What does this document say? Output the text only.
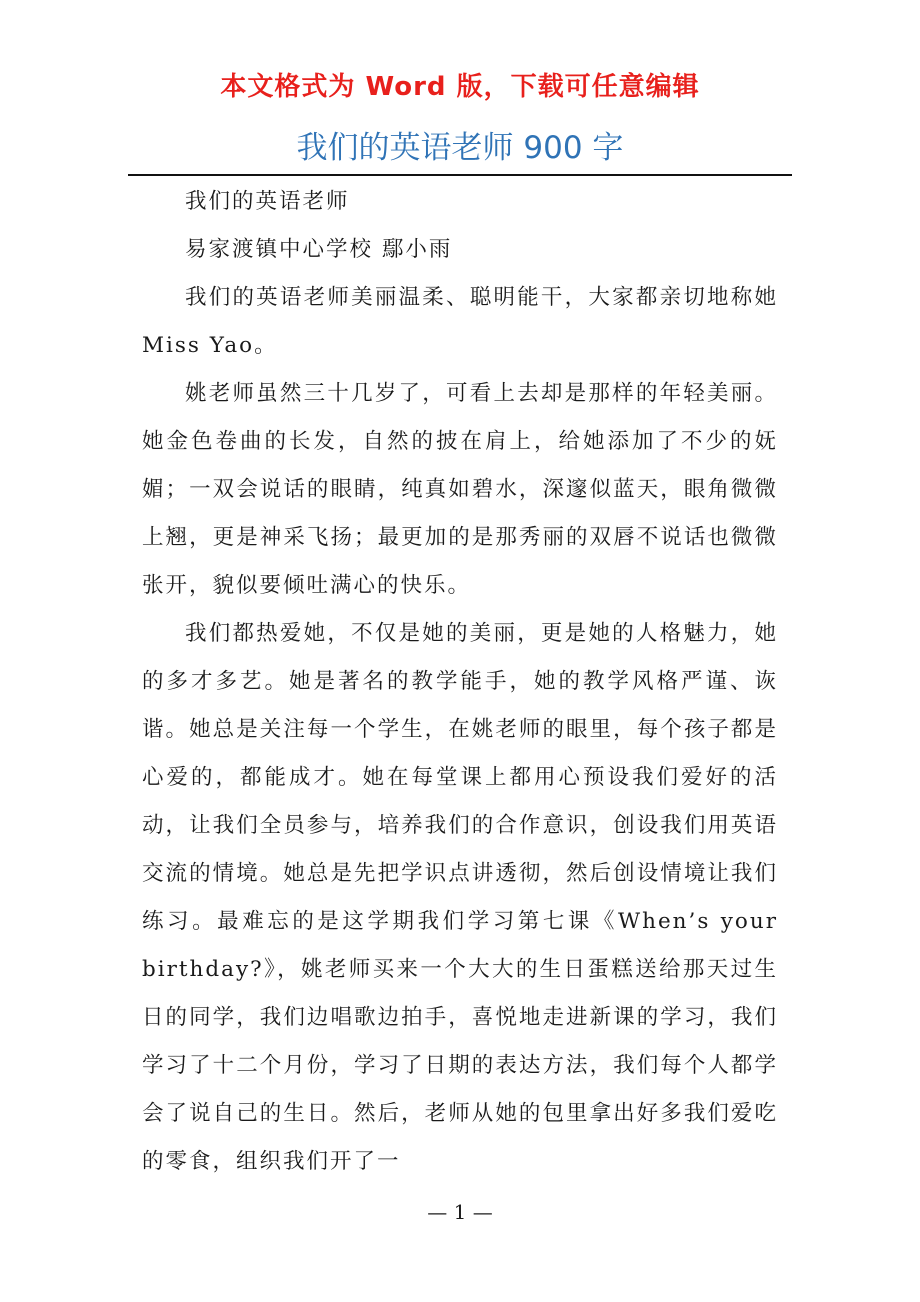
本文格式为 Word 版，下载可任意编辑
我们的英语老师 900 字

我们的英语老师

易家渡镇中心学校 鄢小雨

我们的英语老师美丽温柔、聪明能干，大家都亲切地称她 Miss Yao。

姚老师虽然三十几岁了，可看上去却是那样的年轻美丽。她金色卷曲的长发，自然的披在肩上，给她添加了不少的妩媚；一双会说话的眼睛，纯真如碧水，深邃似蓝天，眼角微微上翘，更是神采飞扬；最更加的是那秀丽的双唇不说话也微微张开，貌似要倾吐满心的快乐。

我们都热爱她，不仅是她的美丽，更是她的人格魅力，她的多才多艺。她是著名的教学能手，她的教学风格严谨、诙谐。她总是关注每一个学生，在姚老师的眼里，每个孩子都是心爱的，都能成才。她在每堂课上都用心预设我们爱好的活动，让我们全员参与，培养我们的合作意识，创设我们用英语交流的情境。她总是先把学识点讲透彻，然后创设情境让我们练习。最难忘的是这学期我们学习第七课《When’s your birthday?》，姚老师买来一个大大的生日蛋糕送给那天过生日的同学，我们边唱歌边拍手，喜悦地走进新课的学习，我们学习了十二个月份，学习了日期的表达方法，我们每个人都学会了说自己的生日。然后，老师从她的包里拿出好多我们爱吃的零食，组织我们开了一

— 1 —
